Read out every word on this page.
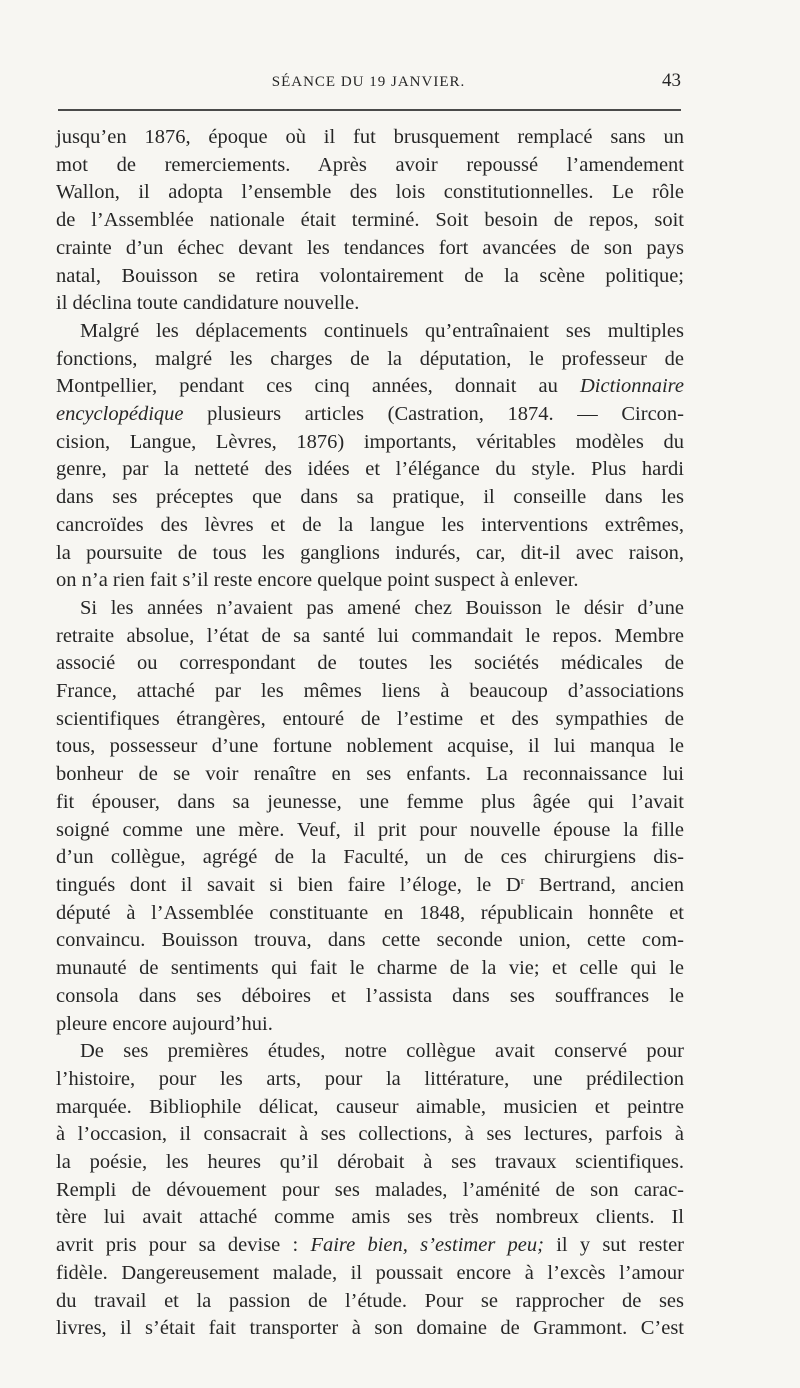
SÉANCE DU 19 JANVIER.	43
jusqu’en 1876, époque où il fut brusquement remplacé sans un
mot de remerciements. Après avoir repoussé l’amendement
Wallon, il adopta l’ensemble des lois constitutionnelles. Le rôle
de l’Assemblée nationale était terminé. Soit besoin de repos, soit
crainte d’un échec devant les tendances fort avancées de son pays
natal, Bouisson se retira volontairement de la scène politique;
il déclina toute candidature nouvelle.
Malgré les déplacements continuels qu’entraînaient ses multiples
fonctions, malgré les charges de la députation, le professeur de
Montpellier, pendant ces cinq années, donnait au Dictionnaire
encyclopédique plusieurs articles (Castration, 1874. — Circon-
cision, Langue, Lèvres, 1876) importants, véritables modèles du
genre, par la netteté des idées et l’élégance du style. Plus hardi
dans ses préceptes que dans sa pratique, il conseille dans les
cancroïdes des lèvres et de la langue les interventions extrêmes,
la poursuite de tous les ganglions indurés, car, dit-il avec raison,
on n’a rien fait s’il reste encore quelque point suspect à enlever.
Si les années n’avaient pas amené chez Bouisson le désir d’une
retraite absolue, l’état de sa santé lui commandait le repos. Membre
associé ou correspondant de toutes les sociétés médicales de
France, attaché par les mêmes liens à beaucoup d’associations
scientifiques étrangères, entouré de l’estime et des sympathies de
tous, possesseur d’une fortune noblement acquise, il lui manqua le
bonheur de se voir renaître en ses enfants. La reconnaissance lui
fit épouser, dans sa jeunesse, une femme plus âgée qui l’avait
soigné comme une mère. Veuf, il prit pour nouvelle épouse la fille
d’un collègue, agrégé de la Faculté, un de ces chirurgiens dis-
tingués dont il savait si bien faire l’éloge, le $D^r$ Bertrand, ancien
député à l’Assemblée constituante en 1848, républicain honnête et
convaincu. Bouisson trouva, dans cette seconde union, cette com-
munauté de sentiments qui fait le charme de la vie; et celle qui le
consola dans ses déboires et l’assista dans ses souffrances le
pleure encore aujourd’hui.
De ses premières études, notre collègue avait conservé pour
l’histoire, pour les arts, pour la littérature, une prédilection
marquée. Bibliophile délicat, causeur aimable, musicien et peintre
à l’occasion, il consacrait à ses collections, à ses lectures, parfois à
la poésie, les heures qu’il dérobait à ses travaux scientifiques.
Rempli de dévouement pour ses malades, l’aménité de son carac-
tère lui avait attaché comme amis ses très nombreux clients. Il
avrit pris pour sa devise : Faire bien, s’estimer peu; il y sut rester
fidèle. Dangereusement malade, il poussait encore à l’excès l’amour
du travail et la passion de l’étude. Pour se rapprocher de ses
livres, il s’était fait transporter à son domaine de Grammont. C’est
